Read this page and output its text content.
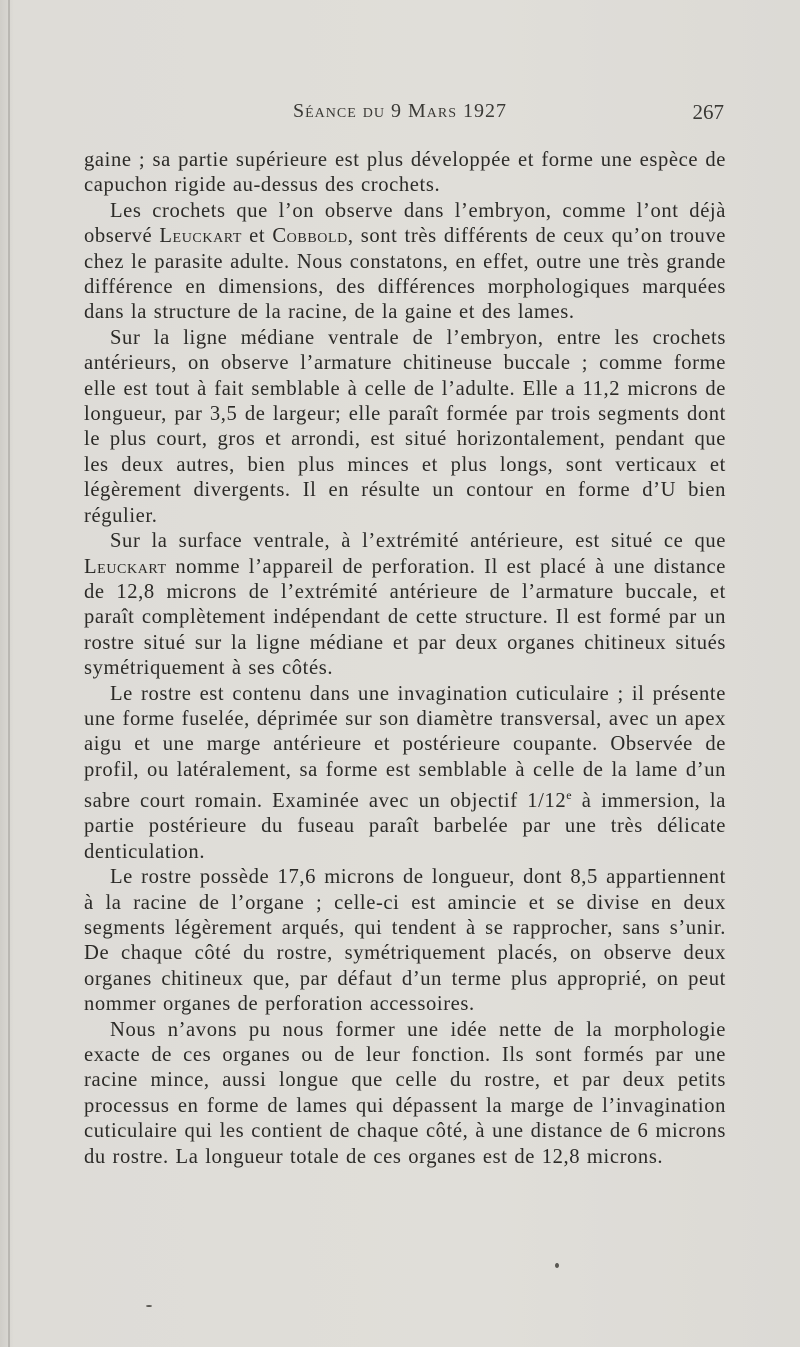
Séance du 9 Mars 1927	267

gaine ; sa partie supérieure est plus développée et forme une espèce de capuchon rigide au-dessus des crochets.

Les crochets que l’on observe dans l’embryon, comme l’ont déjà observé Leuckart et Cobbold, sont très différents de ceux qu’on trouve chez le parasite adulte. Nous constatons, en effet, outre une très grande différence en dimensions, des différences morphologiques marquées dans la structure de la racine, de la gaine et des lames.

Sur la ligne médiane ventrale de l’embryon, entre les crochets antérieurs, on observe l’armature chitineuse buccale ; comme forme elle est tout à fait semblable à celle de l’adulte. Elle a 11,2 microns de longueur, par 3,5 de largeur; elle paraît formée par trois segments dont le plus court, gros et arrondi, est situé horizontalement, pendant que les deux autres, bien plus minces et plus longs, sont verticaux et légèrement divergents. Il en résulte un contour en forme d’U bien régulier.

Sur la surface ventrale, à l’extrémité antérieure, est situé ce que Leuckart nomme l’appareil de perforation. Il est placé à une distance de 12,8 microns de l’extrémité antérieure de l’armature buccale, et paraît complètement indépendant de cette structure. Il est formé par un rostre situé sur la ligne médiane et par deux organes chitineux situés symétriquement à ses côtés.

Le rostre est contenu dans une invagination cuticulaire ; il présente une forme fuselée, déprimée sur son diamètre transversal, avec un apex aigu et une marge antérieure et postérieure coupante. Observée de profil, ou latéralement, sa forme est semblable à celle de la lame d’un sabre court romain. Examinée avec un objectif 1/12e à immersion, la partie postérieure du fuseau paraît barbelée par une très délicate denticulation.

Le rostre possède 17,6 microns de longueur, dont 8,5 appartiennent à la racine de l’organe ; celle-ci est amincie et se divise en deux segments légèrement arqués, qui tendent à se rapprocher, sans s’unir. De chaque côté du rostre, symétriquement placés, on observe deux organes chitineux que, par défaut d’un terme plus approprié, on peut nommer organes de perforation accessoires.

Nous n’avons pu nous former une idée nette de la morphologie exacte de ces organes ou de leur fonction. Ils sont formés par une racine mince, aussi longue que celle du rostre, et par deux petits processus en forme de lames qui dépassent la marge de l’invagination cuticulaire qui les contient de chaque côté, à une distance de 6 microns du rostre. La longueur totale de ces organes est de 12,8 microns.
